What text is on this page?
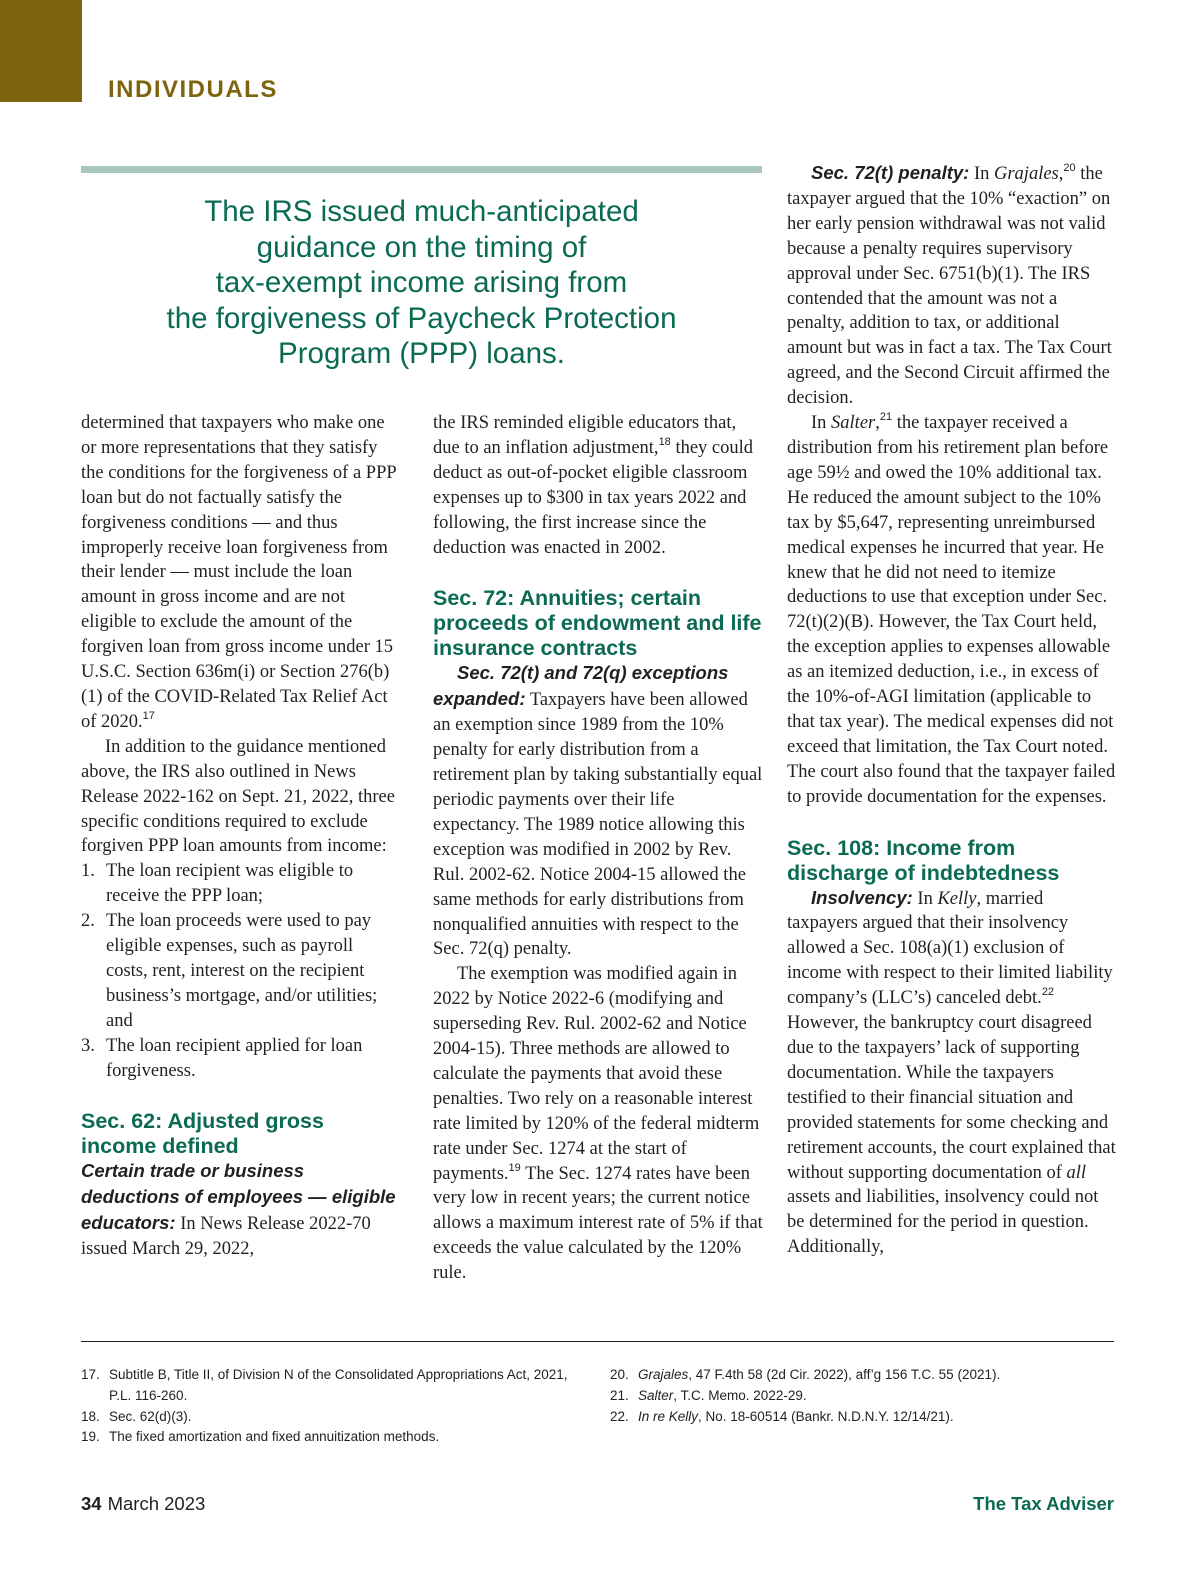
INDIVIDUALS
The IRS issued much-anticipated
guidance on the timing of
tax-exempt income arising from
the forgiveness of Paycheck Protection
Program (PPP) loans.

determined that taxpayers who make one or more representations that they satisfy the conditions for the forgiveness of a PPP loan but do not factually satisfy the forgiveness conditions — and thus improperly receive loan forgiveness from their lender — must include the loan amount in gross income and are not eligible to exclude the amount of the forgiven loan from gross income under 15 U.S.C. Section 636m(i) or Section 276(b)(1) of the COVID-Related Tax Relief Act of 2020.17

In addition to the guidance mentioned above, the IRS also outlined in News Release 2022-162 on Sept. 21, 2022, three specific conditions required to exclude forgiven PPP loan amounts from income:

1. The loan recipient was eligible to receive the PPP loan;
2. The loan proceeds were used to pay eligible expenses, such as payroll costs, rent, interest on the recipient business’s mortgage, and/or utilities; and
3. The loan recipient applied for loan forgiveness.
Sec. 62: Adjusted gross income defined

Certain trade or business deductions of employees — eligible educators: In News Release 2022-70 issued March 29, 2022,

the IRS reminded eligible educators that, due to an inflation adjustment,$^{18}$ they could deduct as out-of-pocket eligible classroom expenses up to $300 in tax years 2022 and following, the first increase since the deduction was enacted in 2002.

Sec. 72: Annuities; certain proceeds of endowment and life insurance contracts

Sec. 72(t) and 72(q) exceptions expanded: Taxpayers have been allowed an exemption since 1989 from the 10% penalty for early distribution from a retirement plan by taking substantially equal periodic payments over their life expectancy. The 1989 notice allowing this exception was modified in 2002 by Rev. Rul. 2002-62. Notice 2004-15 allowed the same methods for early distributions from nonqualified annuities with respect to the Sec. 72(q) penalty.

The exemption was modified again in 2022 by Notice 2022-6 (modifying and superseding Rev. Rul. 2002-62 and Notice 2004-15). Three methods are allowed to calculate the payments that avoid these penalties. Two rely on a reasonable interest rate limited by 120% of the federal midterm rate under Sec. 1274 at the start of payments.$^{19}$ The Sec. 1274 rates have been very low in recent years; the current notice allows a maximum interest rate of 5% if that exceeds the value calculated by the 120% rule.

Sec. 72(t) penalty: In Grajales,$^{20}$ the taxpayer argued that the 10% “exaction” on her early pension withdrawal was not valid because a penalty requires supervisory approval under Sec. 6751(b)(1). The IRS contended that the amount was not a penalty, addition to tax, or additional amount but was in fact a tax. The Tax Court agreed, and the Second Circuit affirmed the decision.

In Salter,$^{21}$ the taxpayer received a distribution from his retirement plan before age 59½ and owed the 10% additional tax. He reduced the amount subject to the 10% tax by $5,647, representing unreimbursed medical expenses he incurred that year. He knew that he did not need to itemize deductions to use that exception under Sec. 72(t)(2)(B). However, the Tax Court held, the exception applies to expenses allowable as an itemized deduction, i.e., in excess of the 10%-of-AGI limitation (applicable to that tax year). The medical expenses did not exceed that limitation, the Tax Court noted. The court also found that the taxpayer failed to provide documentation for the expenses.

Sec. 108: Income from discharge of indebtedness

Insolvency: In Kelly, married taxpayers argued that their insolvency allowed a Sec. 108(a)(1) exclusion of income with respect to their limited liability company’s (LLC’s) canceled debt.$^{22}$ However, the bankruptcy court disagreed due to the taxpayers’ lack of supporting documentation. While the taxpayers testified to their financial situation and provided statements for some checking and retirement accounts, the court explained that without supporting documentation of all assets and liabilities, insolvency could not be determined for the period in question. Additionally,

17. Subtitle B, Title II, of Division N of the Consolidated Appropriations Act, 2021, P.L. 116-260.
18. Sec. 62(d)(3).
19. The fixed amortization and fixed annuitization methods.
20. Grajales, 47 F.4th 58 (2d Cir. 2022), aff’g 156 T.C. 55 (2021).
21. Salter, T.C. Memo. 2022-29.
22. In re Kelly, No. 18-60514 (Bankr. N.D.N.Y. 12/14/21).
34 March 2023	The Tax Adviser
